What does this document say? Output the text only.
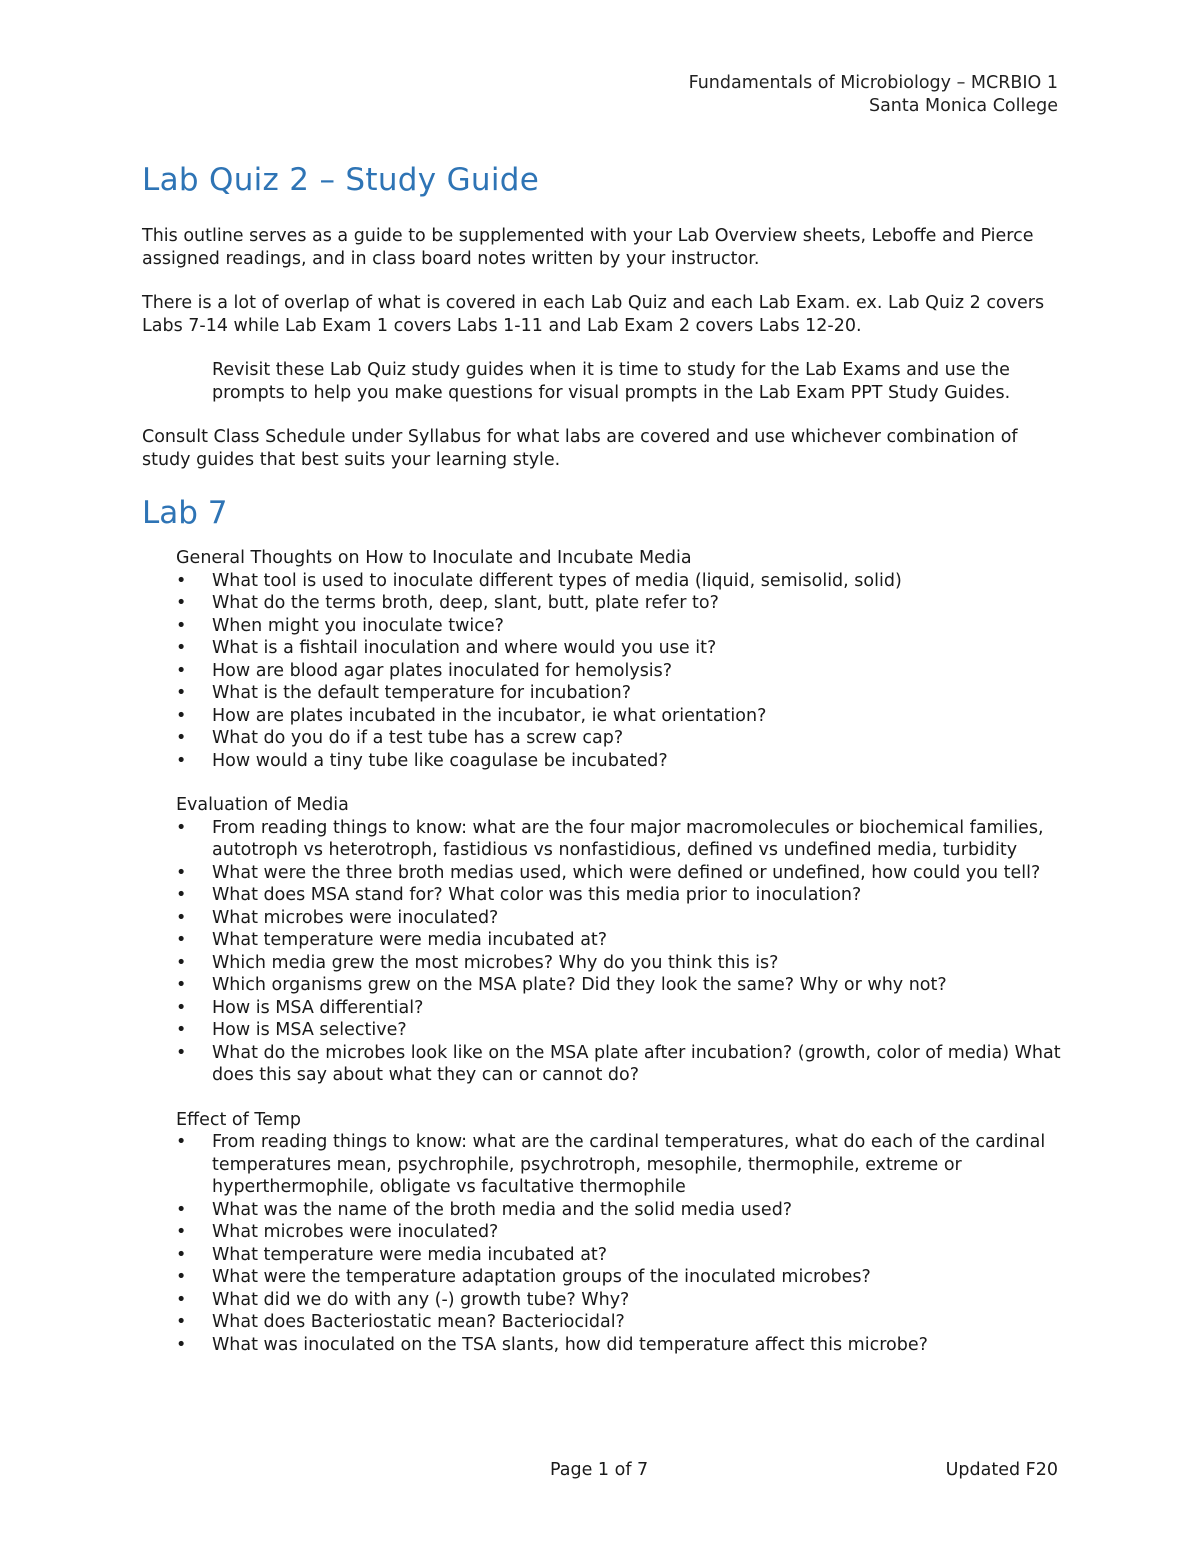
Fundamentals of Microbiology – MCRBIO 1
Santa Monica College
Lab Quiz 2 – Study Guide

This outline serves as a guide to be supplemented with your Lab Overview sheets, Leboffe and Pierce assigned readings, and in class board notes written by your instructor.

There is a lot of overlap of what is covered in each Lab Quiz and each Lab Exam. ex. Lab Quiz 2 covers Labs 7-14 while Lab Exam 1 covers Labs 1-11 and Lab Exam 2 covers Labs 12-20.

Revisit these Lab Quiz study guides when it is time to study for the Lab Exams and use the prompts to help you make questions for visual prompts in the Lab Exam PPT Study Guides.

Consult Class Schedule under Syllabus for what labs are covered and use whichever combination of study guides that best suits your learning style.

Lab 7

General Thoughts on How to Inoculate and Incubate Media

• What tool is used to inoculate different types of media (liquid, semisolid, solid)
• What do the terms broth, deep, slant, butt, plate refer to?
• When might you inoculate twice?
• What is a fishtail inoculation and where would you use it?
• How are blood agar plates inoculated for hemolysis?
• What is the default temperature for incubation?
• How are plates incubated in the incubator, ie what orientation?
• What do you do if a test tube has a screw cap?
• How would a tiny tube like coagulase be incubated?

Evaluation of Media

• From reading things to know: what are the four major macromolecules or biochemical families, autotroph vs heterotroph, fastidious vs nonfastidious, defined vs undefined media, turbidity
• What were the three broth medias used, which were defined or undefined, how could you tell?
• What does MSA stand for? What color was this media prior to inoculation?
• What microbes were inoculated?
• What temperature were media incubated at?
• Which media grew the most microbes? Why do you think this is?
• Which organisms grew on the MSA plate? Did they look the same? Why or why not?
• How is MSA differential?
• How is MSA selective?
• What do the microbes look like on the MSA plate after incubation? (growth, color of media) What does this say about what they can or cannot do?

Effect of Temp

• From reading things to know: what are the cardinal temperatures, what do each of the cardinal temperatures mean, psychrophile, psychrotroph, mesophile, thermophile, extreme or hyperthermophile, obligate vs facultative thermophile
• What was the name of the broth media and the solid media used?
• What microbes were inoculated?
• What temperature were media incubated at?
• What were the temperature adaptation groups of the inoculated microbes?
• What did we do with any (-) growth tube? Why?
• What does Bacteriostatic mean? Bacteriocidal?
• What was inoculated on the TSA slants, how did temperature affect this microbe?
Page 1 of 7	Updated F20
